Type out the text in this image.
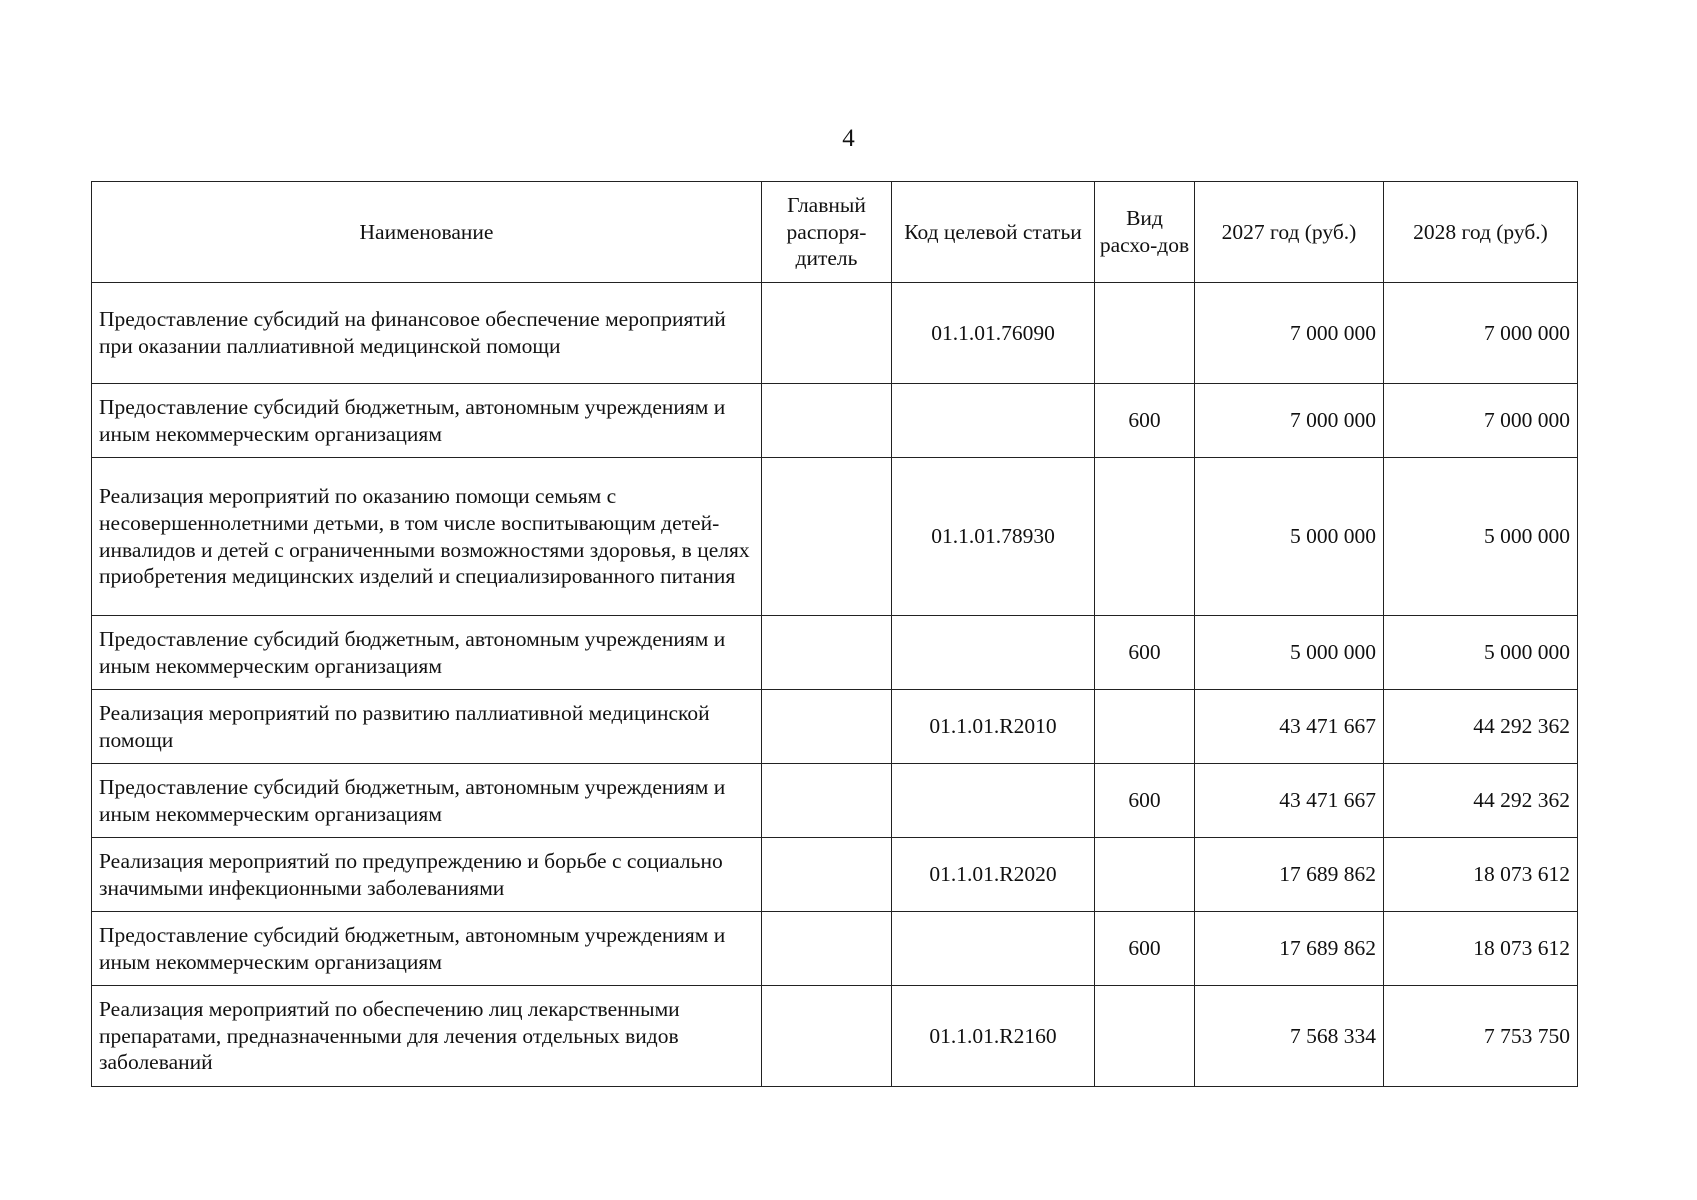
4
Наименование	Главный распоря-дитель	Код целевой статьи	Вид расхо-дов	2027 год (руб.)	2028 год (руб.)
Предоставление субсидий на финансовое обеспечение мероприятий при оказании паллиативной медицинской помощи		01.1.01.76090		7 000 000	7 000 000
Предоставление субсидий бюджетным, автономным учреждениям и иным некоммерческим организациям			600	7 000 000	7 000 000
Реализация мероприятий по оказанию помощи семьям с несовершеннолетними детьми, в том числе воспитывающим детей-инвалидов и детей с ограниченными возможностями здоровья, в целях приобретения медицинских изделий и специализированного питания		01.1.01.78930		5 000 000	5 000 000
Предоставление субсидий бюджетным, автономным учреждениям и иным некоммерческим организациям			600	5 000 000	5 000 000
Реализация мероприятий по развитию паллиативной медицинской помощи		01.1.01.R2010		43 471 667	44 292 362
Предоставление субсидий бюджетным, автономным учреждениям и иным некоммерческим организациям			600	43 471 667	44 292 362
Реализация мероприятий по предупреждению и борьбе с социально значимыми инфекционными заболеваниями		01.1.01.R2020		17 689 862	18 073 612
Предоставление субсидий бюджетным, автономным учреждениям и иным некоммерческим организациям			600	17 689 862	18 073 612
Реализация мероприятий по обеспечению лиц лекарственными препаратами, предназначенными для лечения отдельных видов заболеваний		01.1.01.R2160		7 568 334	7 753 750
